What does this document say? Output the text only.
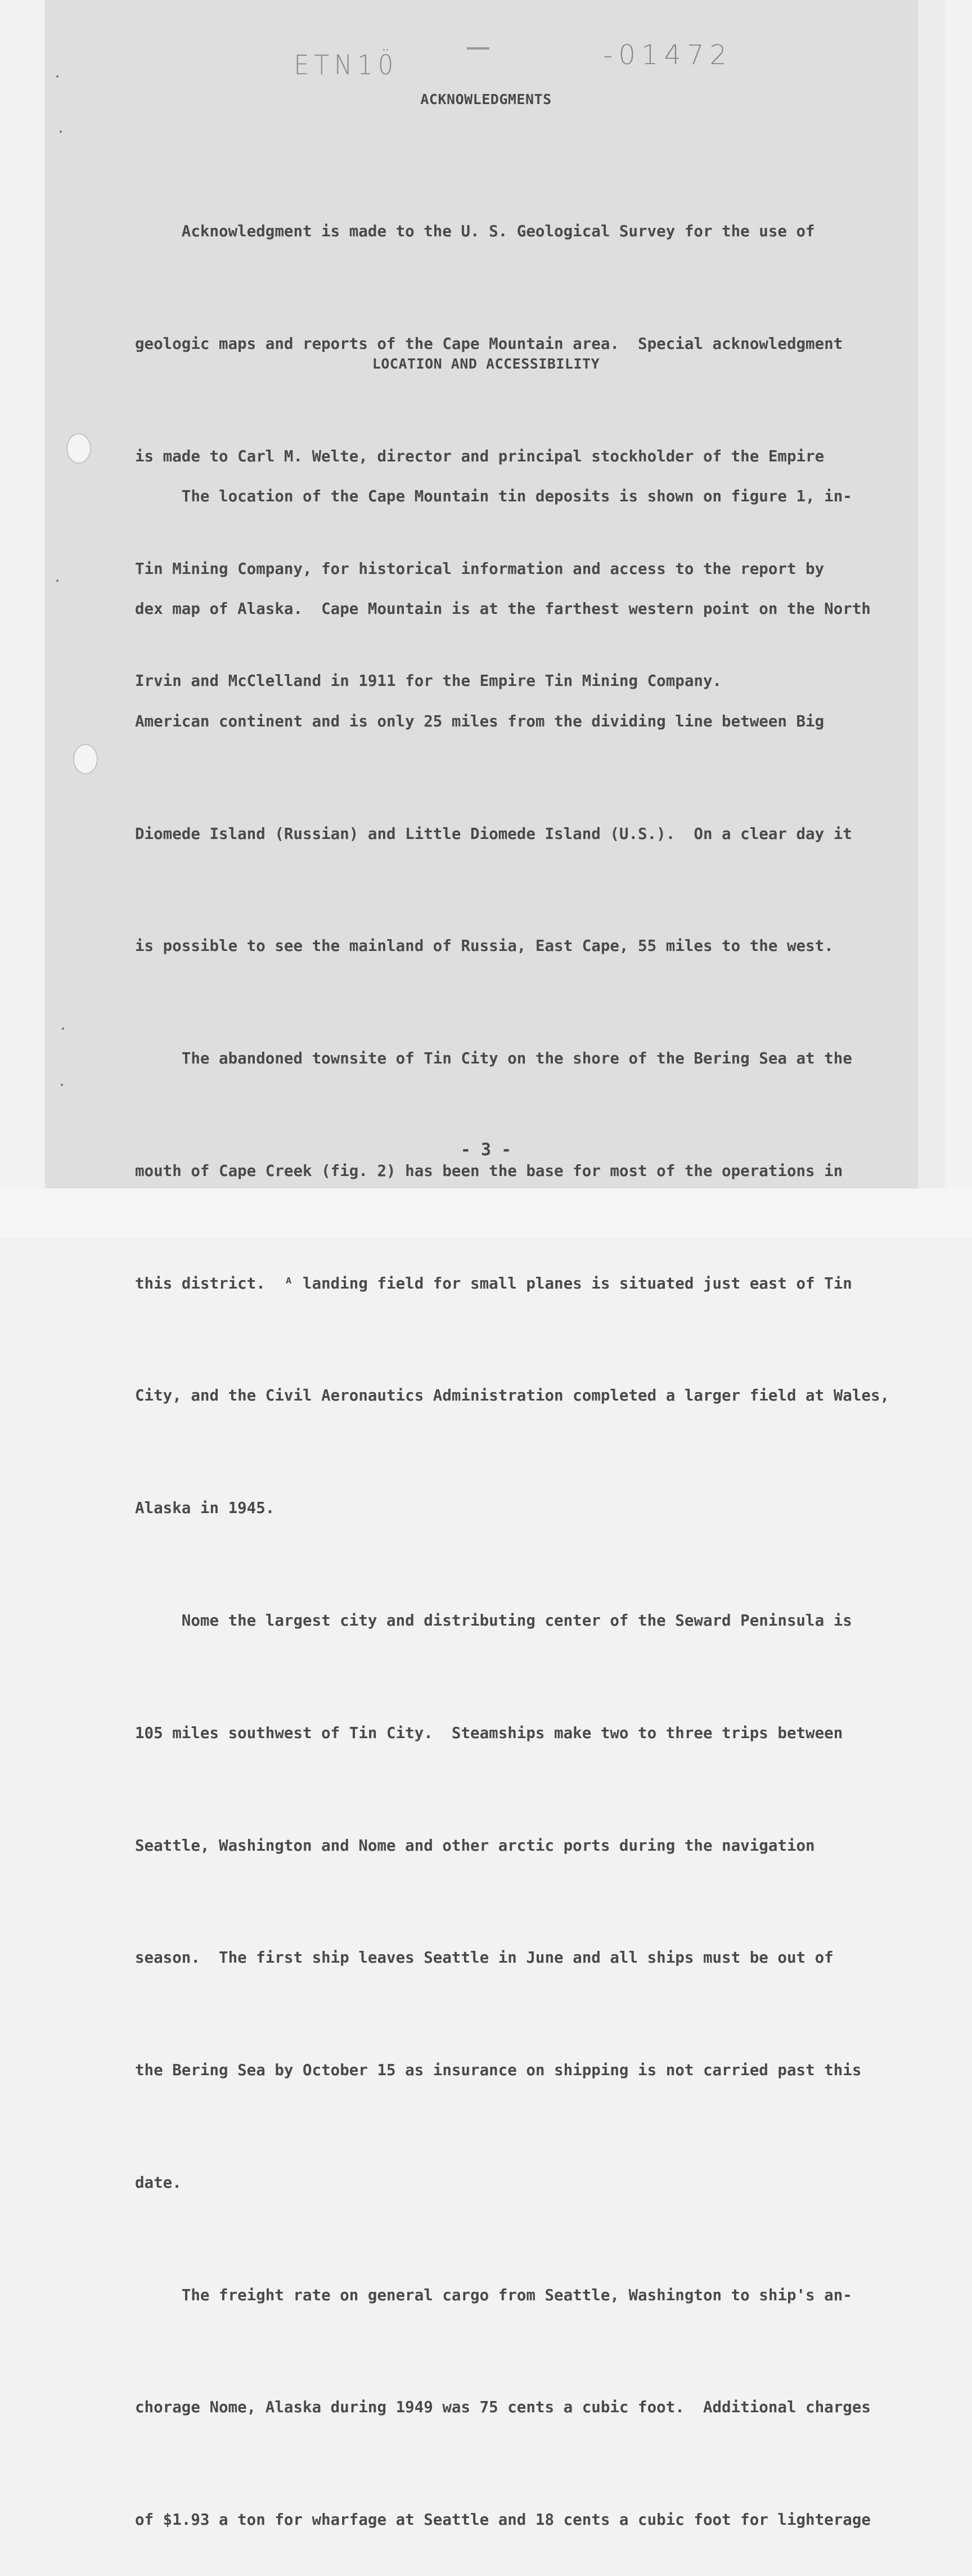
ETN10̈	-01472
ACKNOWLEDGMENTS

Acknowledgment is made to the U. S. Geological Survey for the use of

geologic maps and reports of the Cape Mountain area.  Special acknowledgment

is made to Carl M. Welte, director and principal stockholder of the Empire

Tin Mining Company, for historical information and access to the report by

Irvin and McClelland in 1911 for the Empire Tin Mining Company.

LOCATION AND ACCESSIBILITY

The location of the Cape Mountain tin deposits is shown on figure 1, in-

dex map of Alaska.  Cape Mountain is at the farthest western point on the North

American continent and is only 25 miles from the dividing line between Big

Diomede Island (Russian) and Little Diomede Island (U.S.).  On a clear day it

is possible to see the mainland of Russia, East Cape, 55 miles to the west.

The abandoned townsite of Tin City on the shore of the Bering Sea at the

mouth of Cape Creek (fig. 2) has been the base for most of the operations in

this district.  ᴬ landing field for small planes is situated just east of Tin

City, and the Civil Aeronautics Administration completed a larger field at Wales,

Alaska in 1945.

Nome the largest city and distributing center of the Seward Peninsula is

105 miles southwest of Tin City.  Steamships make two to three trips between

Seattle, Washington and Nome and other arctic ports during the navigation

season.  The first ship leaves Seattle in June and all ships must be out of

the Bering Sea by October 15 as insurance on shipping is not carried past this

date.

The freight rate on general cargo from Seattle, Washington to ship's an-

chorage Nome, Alaska during 1949 was 75 cents a cubic foot.  Additional charges

of $1.93 a ton for wharfage at Seattle and 18 cents a cubic foot for lighterage

- 3 -
